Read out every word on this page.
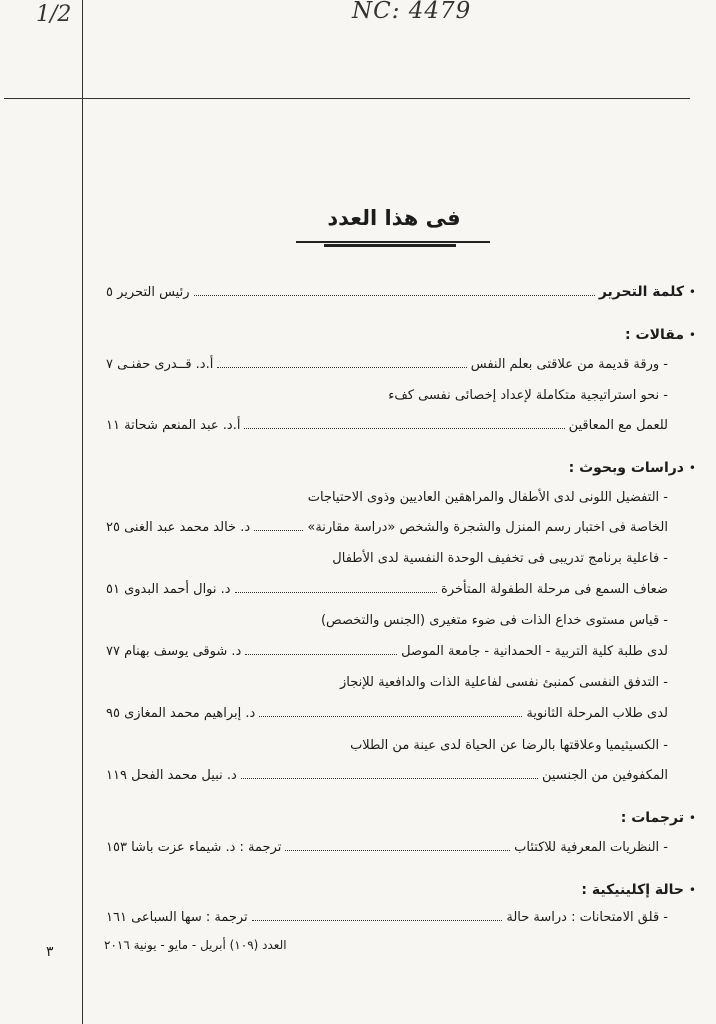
1/2	NC: 4479
فى هذا العدد
•
كلمة التحرير
رئيس التحرير ٥
•
مقالات :
- ورقة قديمة من علاقتى بعلم النفس
أ.د. قــدرى حفنـى ٧
- نحو استراتيجية متكاملة لإعداد إخصائى نفسى كفء
للعمل مع المعاقين
أ.د. عبد المنعم شحاتة ١١
•
دراسات وبحوث :
- التفضيل اللونى لدى الأطفال والمراهقين العاديين وذوى الاحتياجات
الخاصة فى اختبار رسم المنزل والشجرة والشخص «دراسة مقارنة»
د. خالد محمد عبد الغنى ٢٥
- فاعلية برنامج تدريبى فى تخفيف الوحدة النفسية لدى الأطفال
ضعاف السمع فى مرحلة الطفولة المتأخرة
د. نوال أحمد البدوى ٥١
- قياس مستوى خداع الذات فى ضوء متغيرى (الجنس والتخصص)
لدى طلبة كلية التربية - الحمدانية - جامعة الموصل
د. شوقى يوسف بهنام ٧٧
- التدفق النفسى كمنبئ نفسى لفاعلية الذات والدافعية للإنجاز
لدى طلاب المرحلة الثانوية
د. إبراهيم محمد المغازى ٩٥
- الكسيثيميا وعلاقتها بالرضا عن الحياة لدى عينة من الطلاب
المكفوفين من الجنسين
د. نبيل محمد الفحل ١١٩
•
ترجمات :
- النظريات المعرفية للاكتئاب
ترجمة : د. شيماء عزت باشا ١٥٣
•
حالة إكلينيكية :
- قلق الامتحانات : دراسة حالة
ترجمة : سها السباعى ١٦١
٣	العدد (١٠٩) أبريل - مايو - يونية ٢٠١٦
